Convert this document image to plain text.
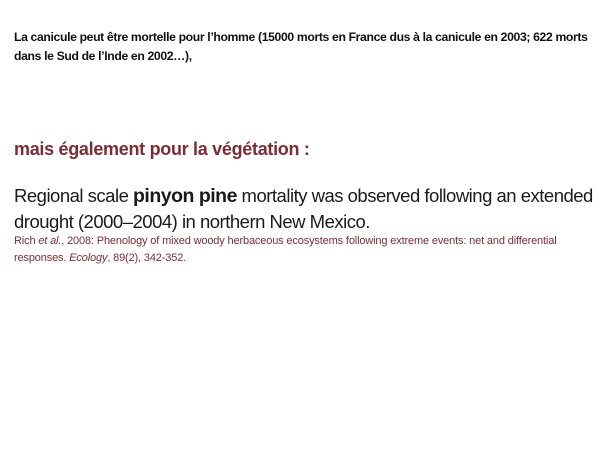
La canicule peut être mortelle pour l’homme (15000 morts en France dus à la canicule en 2003; 622 morts dans le Sud de l’Inde en 2002…),
mais également pour la végétation :
Regional scale pinyon pine mortality was observed following an extended drought (2000–2004) in northern New Mexico.
Rich et al., 2008: Phenology of mixed woody herbaceous ecosystems following extreme events: net and differential responses. Ecology, 89(2), 342-352.
